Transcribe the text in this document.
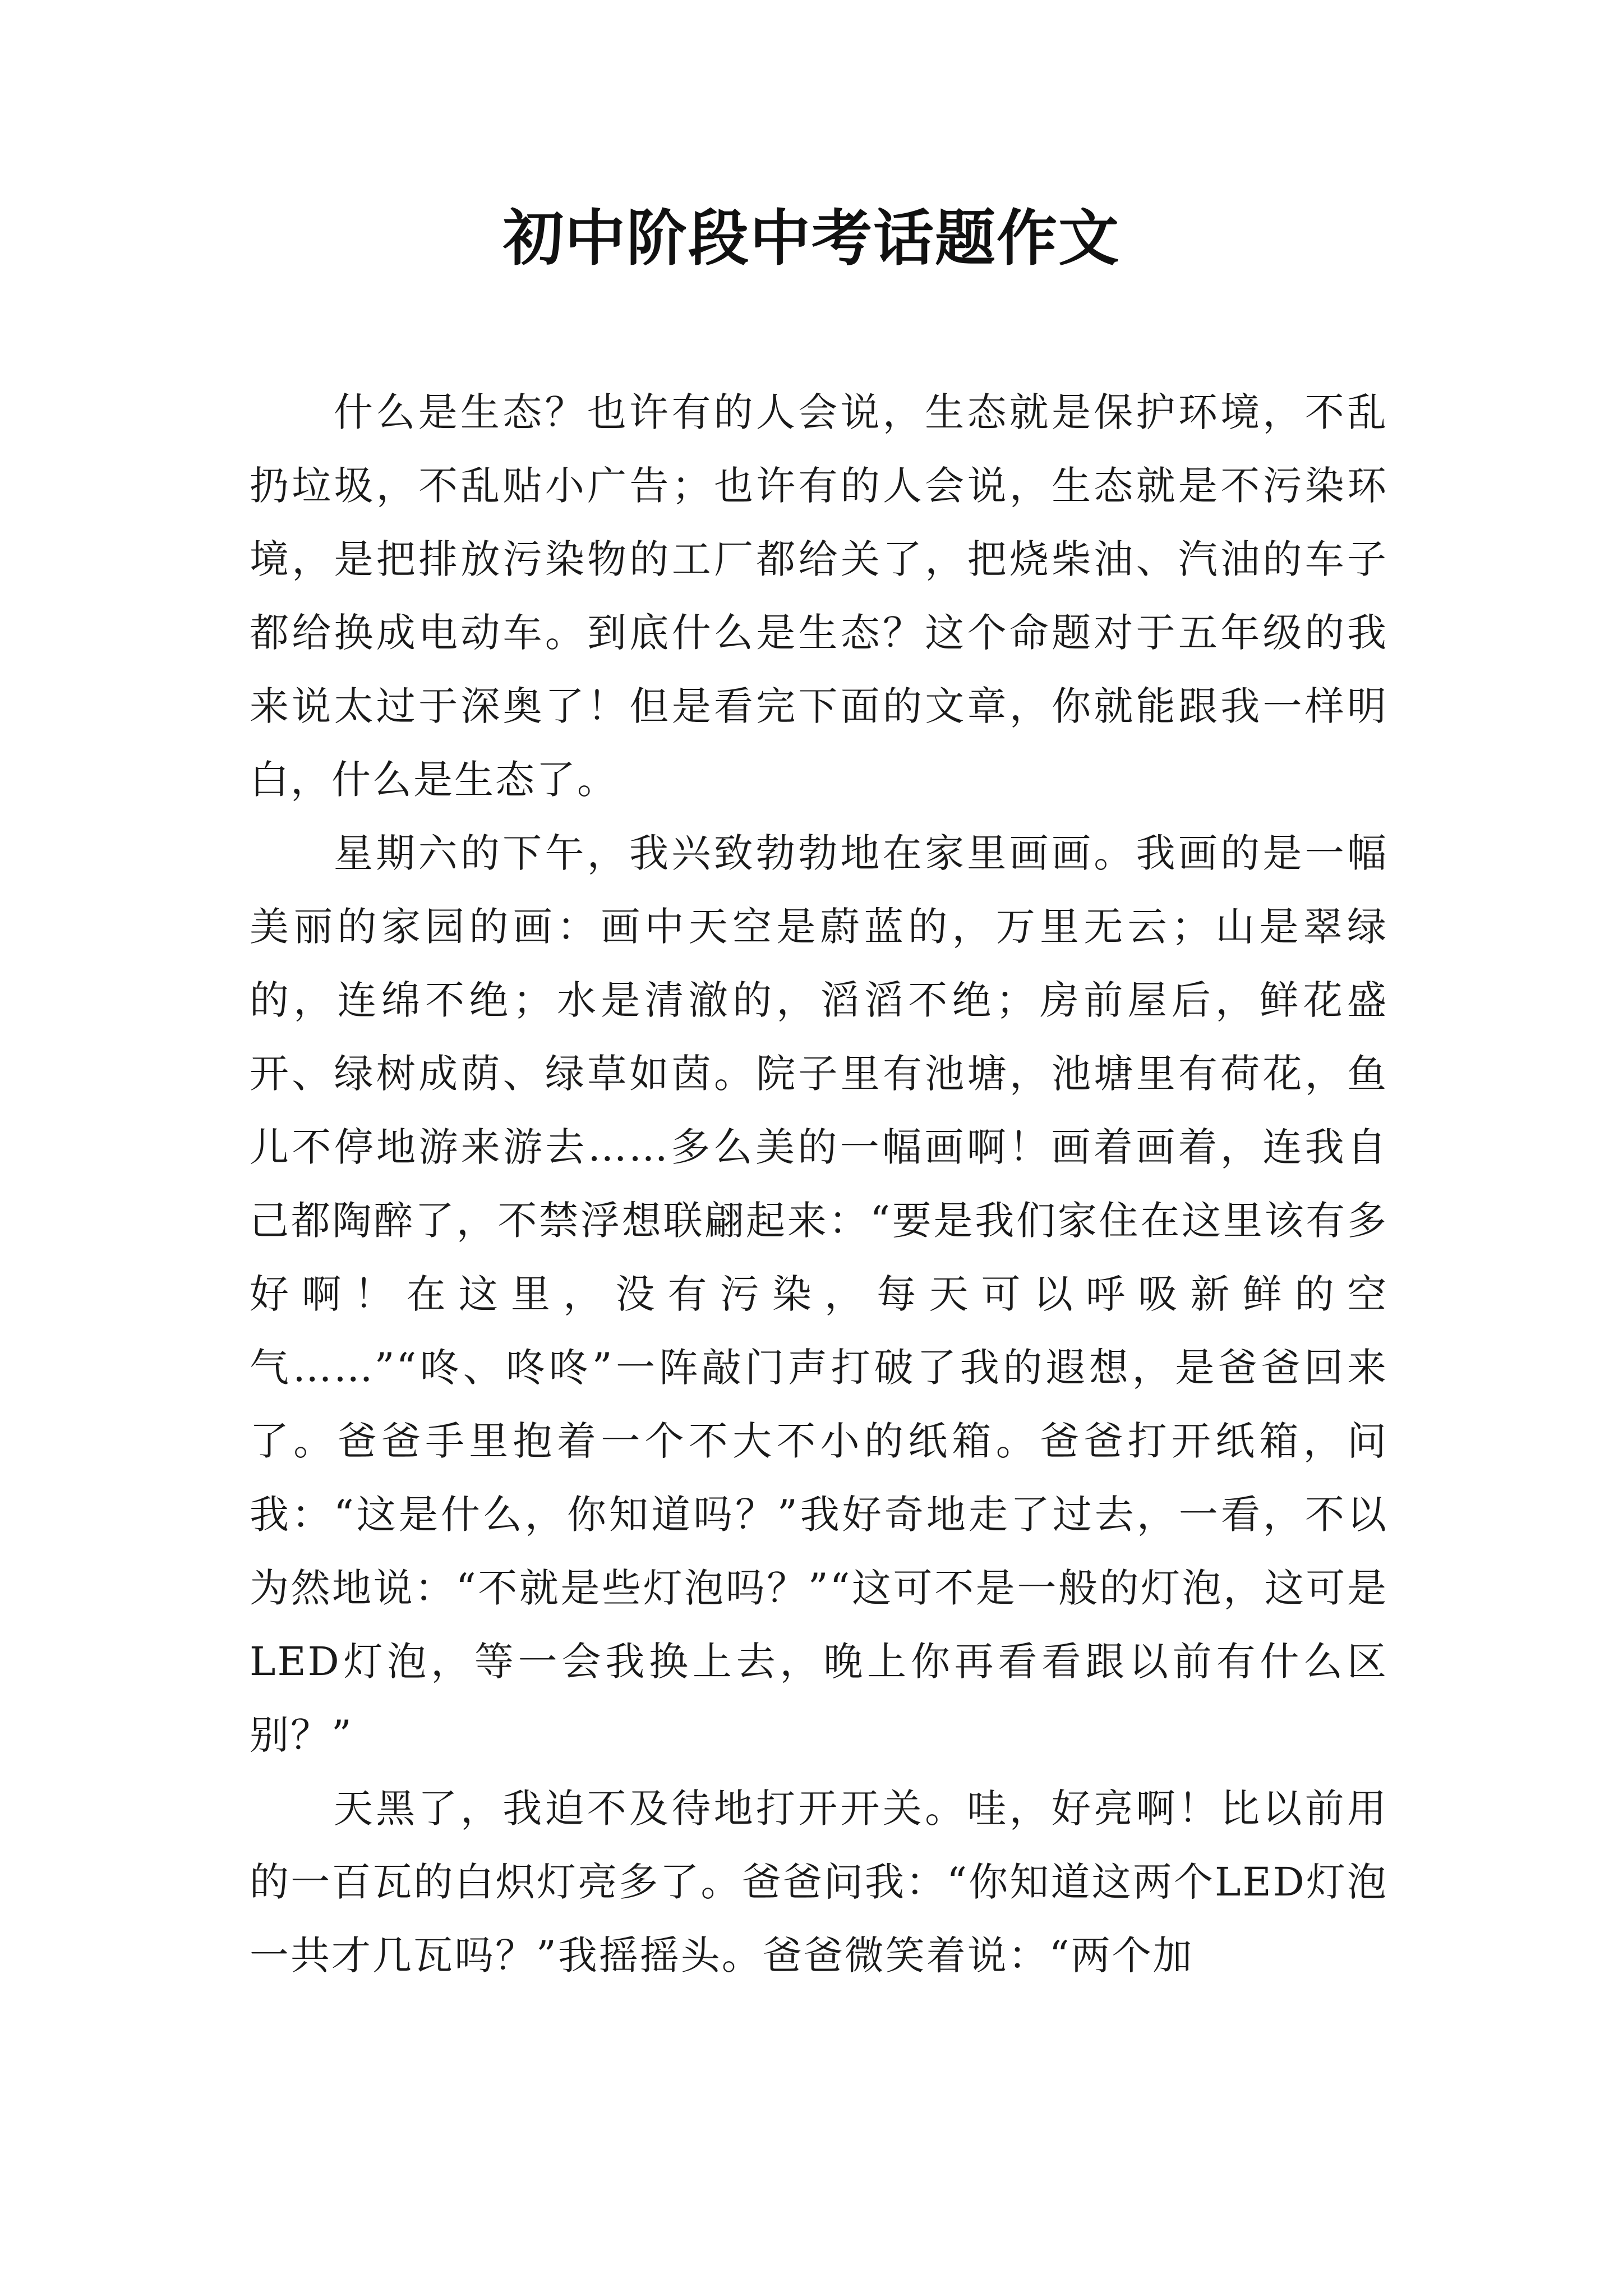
初中阶段中考话题作文

什么是生态？也许有的人会说，生态就是保护环境，不乱扔垃圾，不乱贴小广告；也许有的人会说，生态就是不污染环境，是把排放污染物的工厂都给关了，把烧柴油、汽油的车子都给换成电动车。到底什么是生态？这个命题对于五年级的我来说太过于深奥了！但是看完下面的文章，你就能跟我一样明白，什么是生态了。

星期六的下午，我兴致勃勃地在家里画画。我画的是一幅美丽的家园的画：画中天空是蔚蓝的，万里无云；山是翠绿的，连绵不绝；水是清澈的，滔滔不绝；房前屋后，鲜花盛开、绿树成荫、绿草如茵。院子里有池塘，池塘里有荷花，鱼儿不停地游来游去……多么美的一幅画啊！画着画着，连我自己都陶醉了，不禁浮想联翩起来：“要是我们家住在这里该有多好啊！在这里，没有污染，每天可以呼吸新鲜的空气……”“咚、咚咚”一阵敲门声打破了我的遐想，是爸爸回来了。爸爸手里抱着一个不大不小的纸箱。爸爸打开纸箱，问我：“这是什么，你知道吗？”我好奇地走了过去，一看，不以为然地说：“不就是些灯泡吗？”“这可不是一般的灯泡，这可是LED灯泡，等一会我换上去，晚上你再看看跟以前有什么区别？”

天黑了，我迫不及待地打开开关。哇，好亮啊！比以前用的一百瓦的白炽灯亮多了。爸爸问我：“你知道这两个LED灯泡一共才几瓦吗？”我摇摇头。爸爸微笑着说：“两个加
